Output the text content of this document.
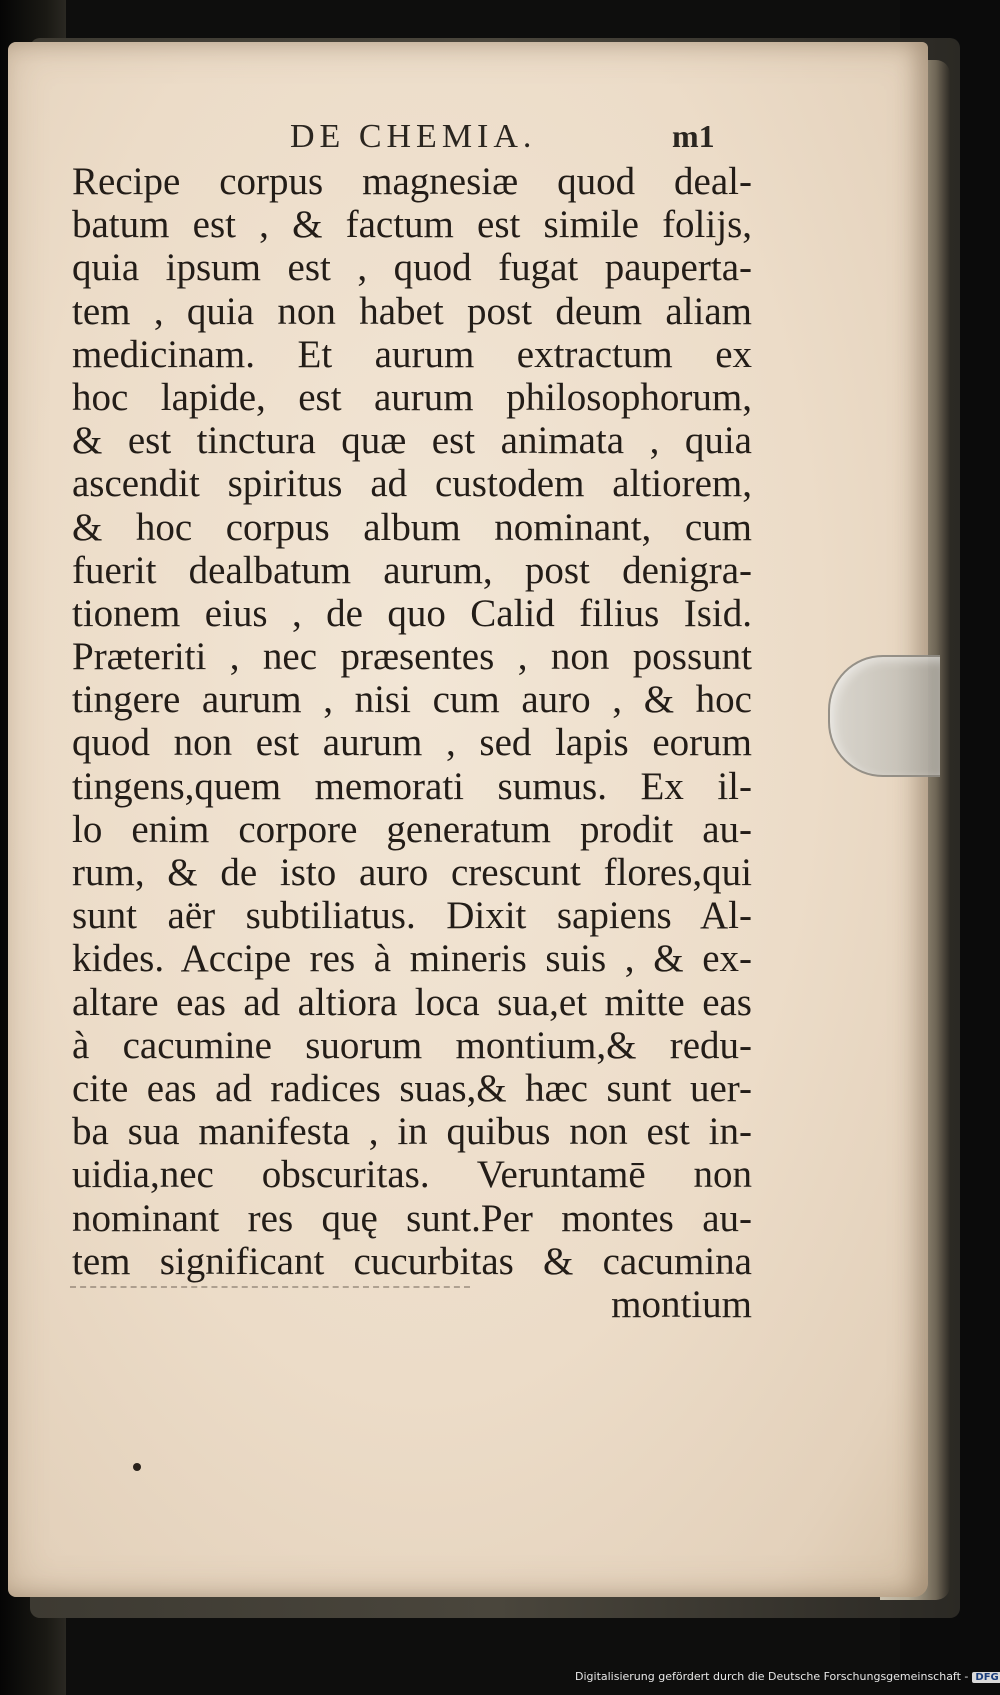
DE CHEMIA.	m1
Recipe corpus magnesiæ quod deal-
batum est , & factum est simile folijs,
quia ipsum est , quod fugat pauperta-
tem , quia non habet post deum aliam
medicinam. Et aurum extractum ex
hoc lapide, est aurum philosophorum,
& est tinctura quæ est animata , quia
ascendit spiritus ad custodem altiorem,
& hoc corpus album nominant, cum
fuerit dealbatum aurum, post denigra-
tionem eius , de quo Calid filius Isid.
Præteriti , nec præsentes , non possunt
tingere aurum , nisi cum auro , & hoc
quod non est aurum , sed lapis eorum
tingens,quem memorati sumus. Ex il-
lo enim corpore generatum prodit au-
rum, & de isto auro crescunt flores,qui
sunt aër subtiliatus. Dixit sapiens Al-
kides. Accipe res à mineris suis , & ex-
altare eas ad altiora loca sua,et mitte eas
à cacumine suorum montium,& redu-
cite eas ad radices suas,& hæc sunt uer-
ba sua manifesta , in quibus non est in-
uidia,nec obscuritas. Veruntamē non
nominant res quę sunt.Per montes au-
tem significant cucurbitas & cacumina
montium
Digitalisierung gefördert durch die Deutsche Forschungsgemeinschaft - DFG
